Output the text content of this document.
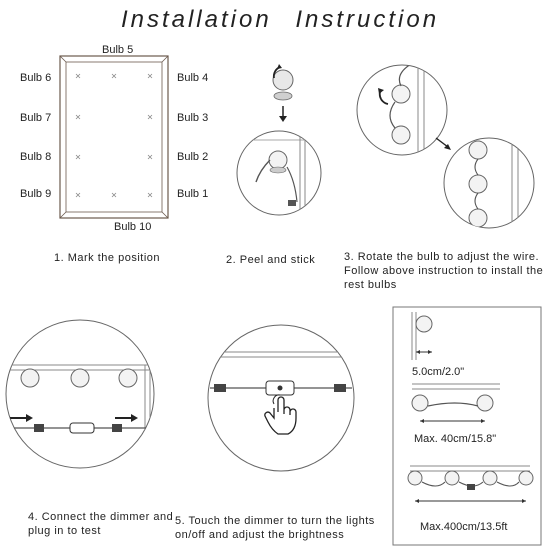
Installation Instruction
Bulb 5
Bulb 10
Bulb 6
Bulb 7
Bulb 8
Bulb 9
Bulb 4
Bulb 3
Bulb 2
Bulb 1
1. Mark the position	2. Peel and stick	3. Rotate the bulb to adjust the wire. Follow above instruction to install the rest bulbs
4. Connect the dimmer and plug in to test
5. Touch the dimmer to turn the lights on/off and adjust the brightness
5.0cm/2.0"
Max. 40cm/15.8"
Max.400cm/13.5ft
